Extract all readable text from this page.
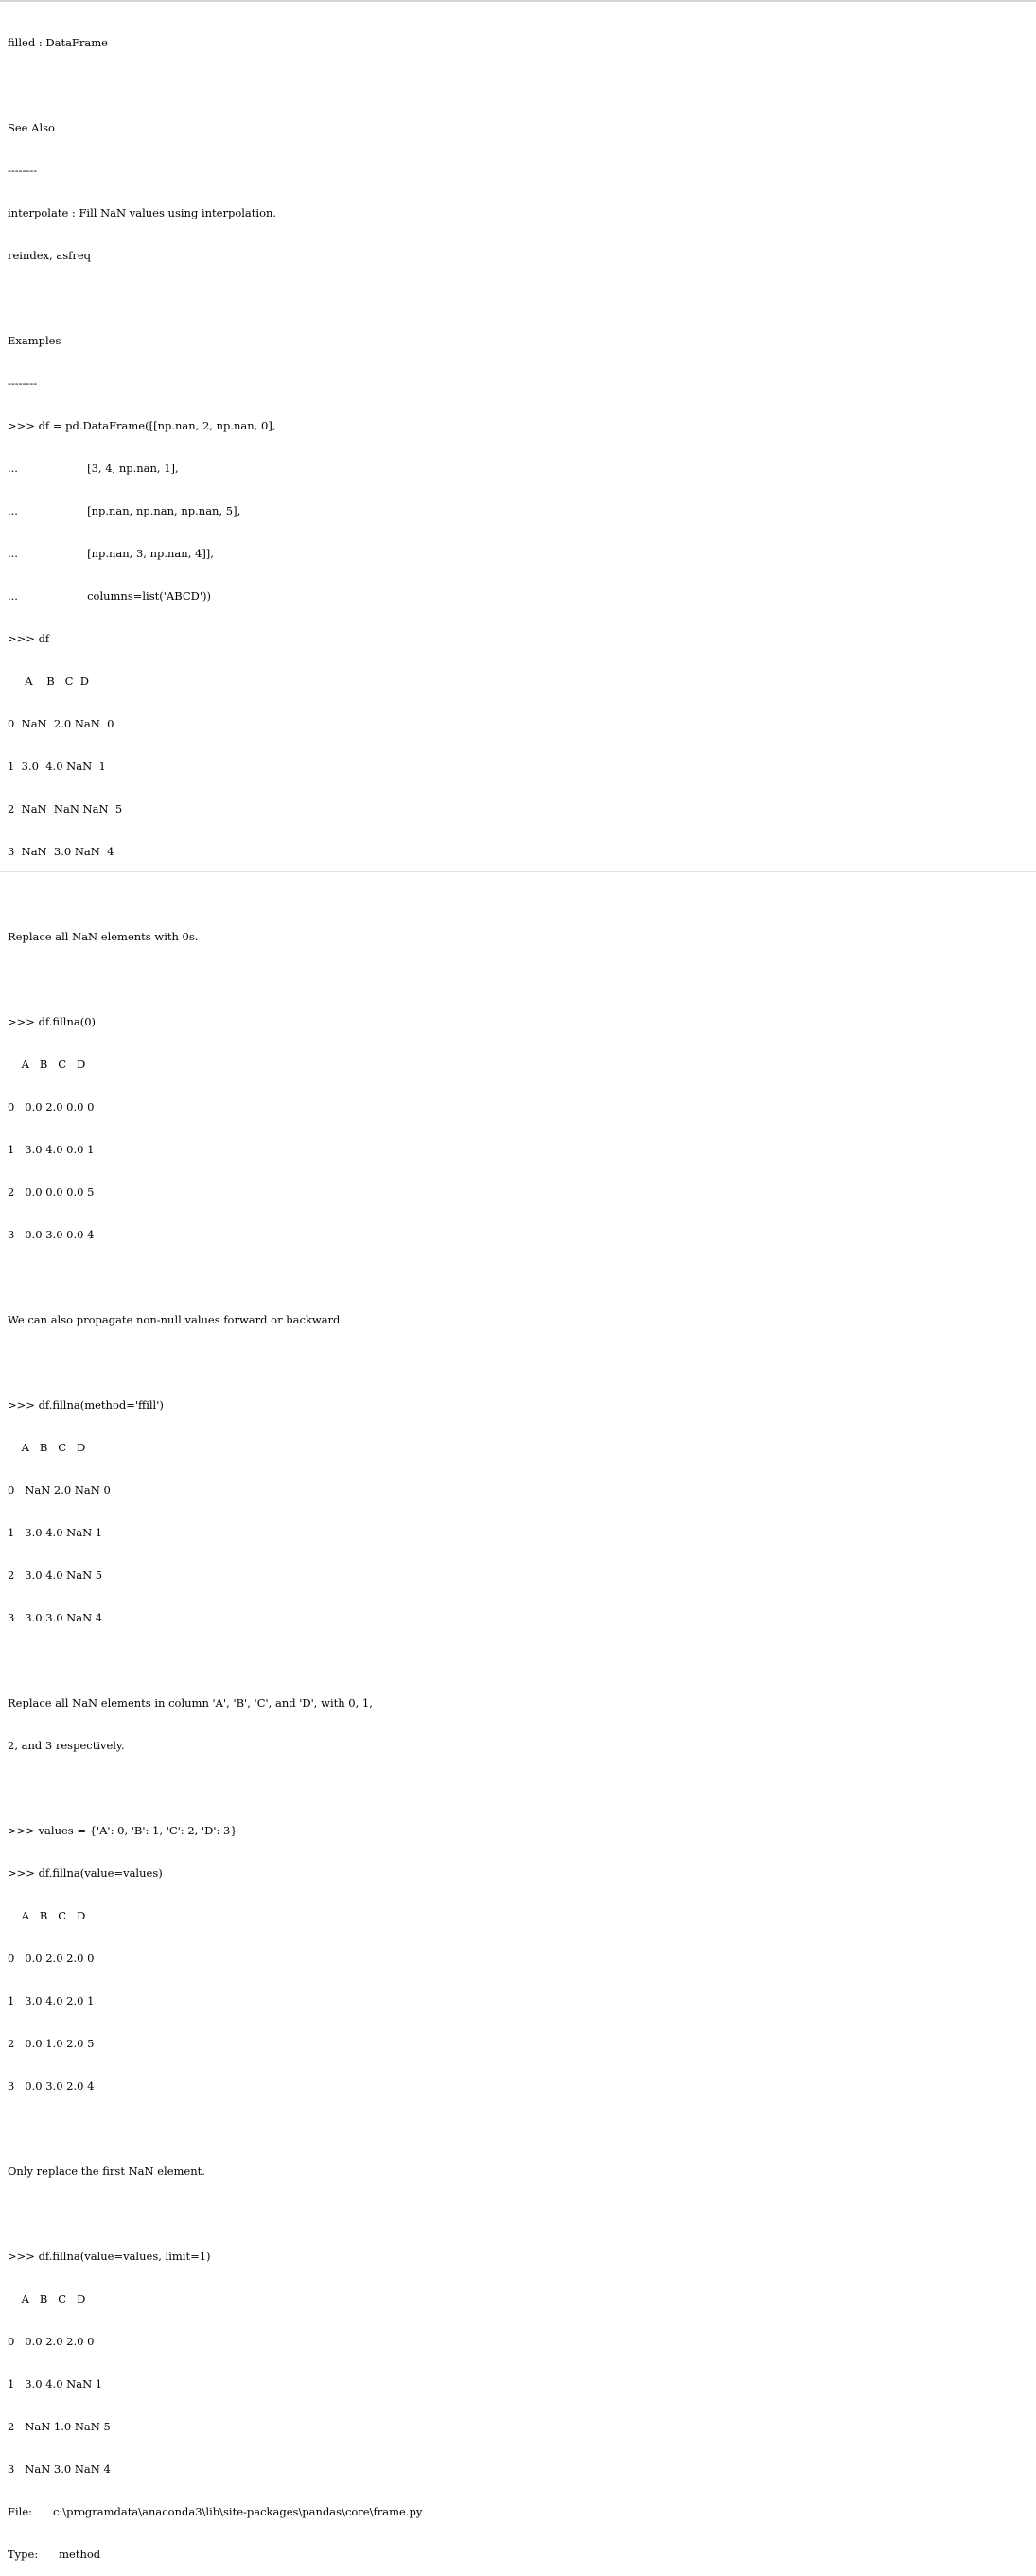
filled : DataFrame

See Also

--------

interpolate : Fill NaN values using interpolation.

reindex, asfreq

Examples

--------

>>> df = pd.DataFrame([[np.nan, 2, np.nan, 0],

...                    [3, 4, np.nan, 1],

...                    [np.nan, np.nan, np.nan, 5],

...                    [np.nan, 3, np.nan, 4]],

...                    columns=list('ABCD'))

>>> df

A    B   C  D

0  NaN  2.0 NaN  0

1  3.0  4.0 NaN  1

2  NaN  NaN NaN  5

3  NaN  3.0 NaN  4

Replace all NaN elements with 0s.

>>> df.fillna(0)

A   B   C   D

0   0.0 2.0 0.0 0

1   3.0 4.0 0.0 1

2   0.0 0.0 0.0 5

3   0.0 3.0 0.0 4

We can also propagate non-null values forward or backward.

>>> df.fillna(method='ffill')

A   B   C   D

0   NaN 2.0 NaN 0

1   3.0 4.0 NaN 1

2   3.0 4.0 NaN 5

3   3.0 3.0 NaN 4

Replace all NaN elements in column 'A', 'B', 'C', and 'D', with 0, 1,

2, and 3 respectively.

>>> values = {'A': 0, 'B': 1, 'C': 2, 'D': 3}

>>> df.fillna(value=values)

A   B   C   D

0   0.0 2.0 2.0 0

1   3.0 4.0 2.0 1

2   0.0 1.0 2.0 5

3   0.0 3.0 2.0 4

Only replace the first NaN element.

>>> df.fillna(value=values, limit=1)

A   B   C   D

0   0.0 2.0 2.0 0

1   3.0 4.0 NaN 1

2   NaN 1.0 NaN 5

3   NaN 3.0 NaN 4

File:      c:\programdata\anaconda3\lib\site-packages\pandas\core\frame.py

Type:      method
